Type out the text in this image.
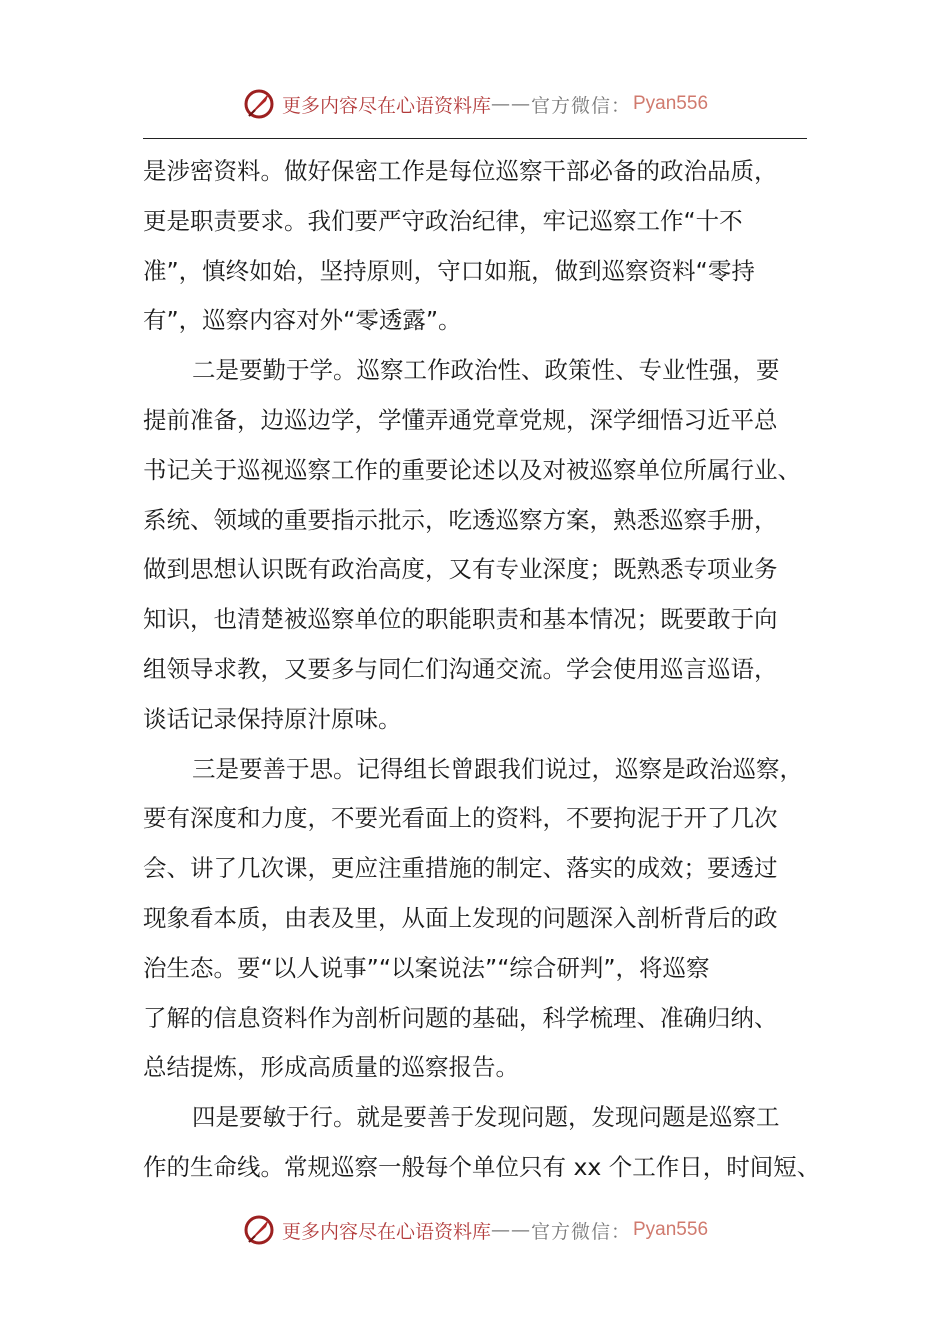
更多内容尽在心语资料库 —— 官方微信： Pyan556
是涉密资料。做好保密工作是每位巡察干部必备的政治品质，
更是职责要求。我们要严守政治纪律，牢记巡察工作“十不
准”，慎终如始，坚持原则，守口如瓶，做到巡察资料“零持
有”，巡察内容对外“零透露”。
二是要勤于学。巡察工作政治性、政策性、专业性强，要
提前准备，边巡边学，学懂弄通党章党规，深学细悟习近平总
书记关于巡视巡察工作的重要论述以及对被巡察单位所属行业、
系统、领域的重要指示批示，吃透巡察方案，熟悉巡察手册，
做到思想认识既有政治高度，又有专业深度；既熟悉专项业务
知识，也清楚被巡察单位的职能职责和基本情况；既要敢于向
组领导求教，又要多与同仁们沟通交流。学会使用巡言巡语，
谈话记录保持原汁原味。
三是要善于思。记得组长曾跟我们说过，巡察是政治巡察，
要有深度和力度，不要光看面上的资料，不要拘泥于开了几次
会、讲了几次课，更应注重措施的制定、落实的成效；要透过
现象看本质，由表及里，从面上发现的问题深入剖析背后的政
治生态。要“以人说事”“以案说法”“综合研判”，将巡察
了解的信息资料作为剖析问题的基础，科学梳理、准确归纳、
总结提炼，形成高质量的巡察报告。
四是要敏于行。就是要善于发现问题，发现问题是巡察工
作的生命线。常规巡察一般每个单位只有 xx 个工作日，时间短、
更多内容尽在心语资料库 —— 官方微信： Pyan556
